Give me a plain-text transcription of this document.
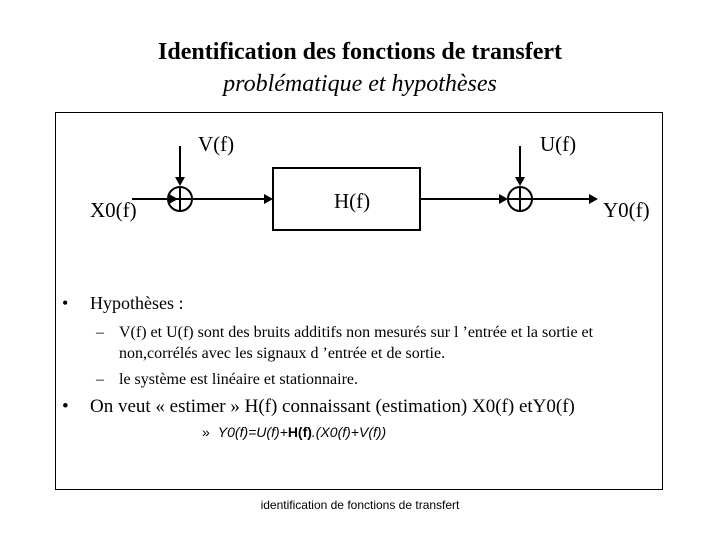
Identification des fonctions de transfert
problématique et hypothèses
V(f)	U(f)
H(f)
X0(f)	Y0(f)
• Hypothèses :
– V(f) et U(f) sont des bruits additifs non mesurés sur l ’entrée et la sortie et non,corrélés avec les signaux d ’entrée et de sortie.
– le système est linéaire et stationnaire.
• On veut « estimer » H(f) connaissant (estimation) X0(f) etY0(f)
» Y0(f)=U(f)+H(f).(X0(f)+V(f))
identification de fonctions de transfert
